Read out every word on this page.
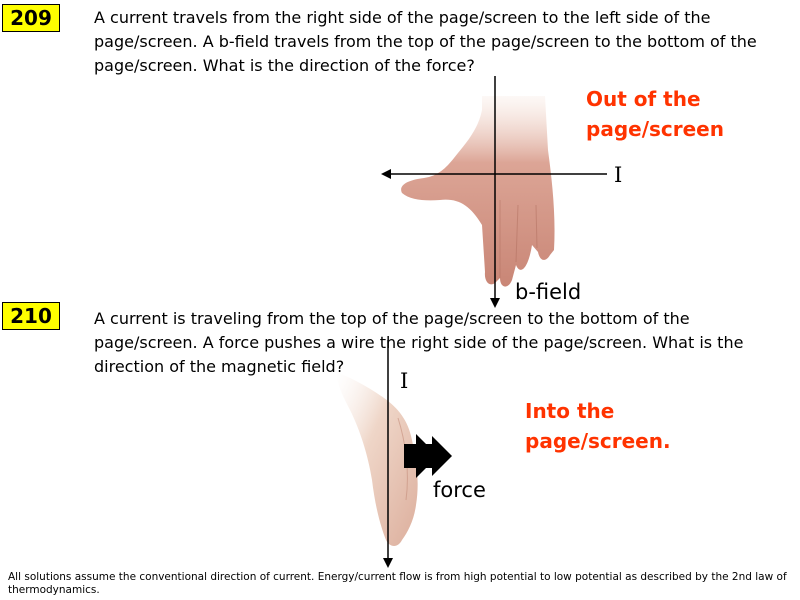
209	A current travels from the right side of the page/screen to the left side of the page/screen. A b-field travels from the top of the page/screen to the bottom of the page/screen. What is the direction of the force?

Out of the
page/screen

I
b-field
210	A current is traveling from the top of the page/screen to the bottom of the page/screen. A force pushes a wire the right side of the page/screen. What is the direction of the magnetic field?

Into the
page/screen.

I
force

All solutions assume the conventional direction of current. Energy/current flow is from high potential to low potential as described by the 2nd law of thermodynamics.
